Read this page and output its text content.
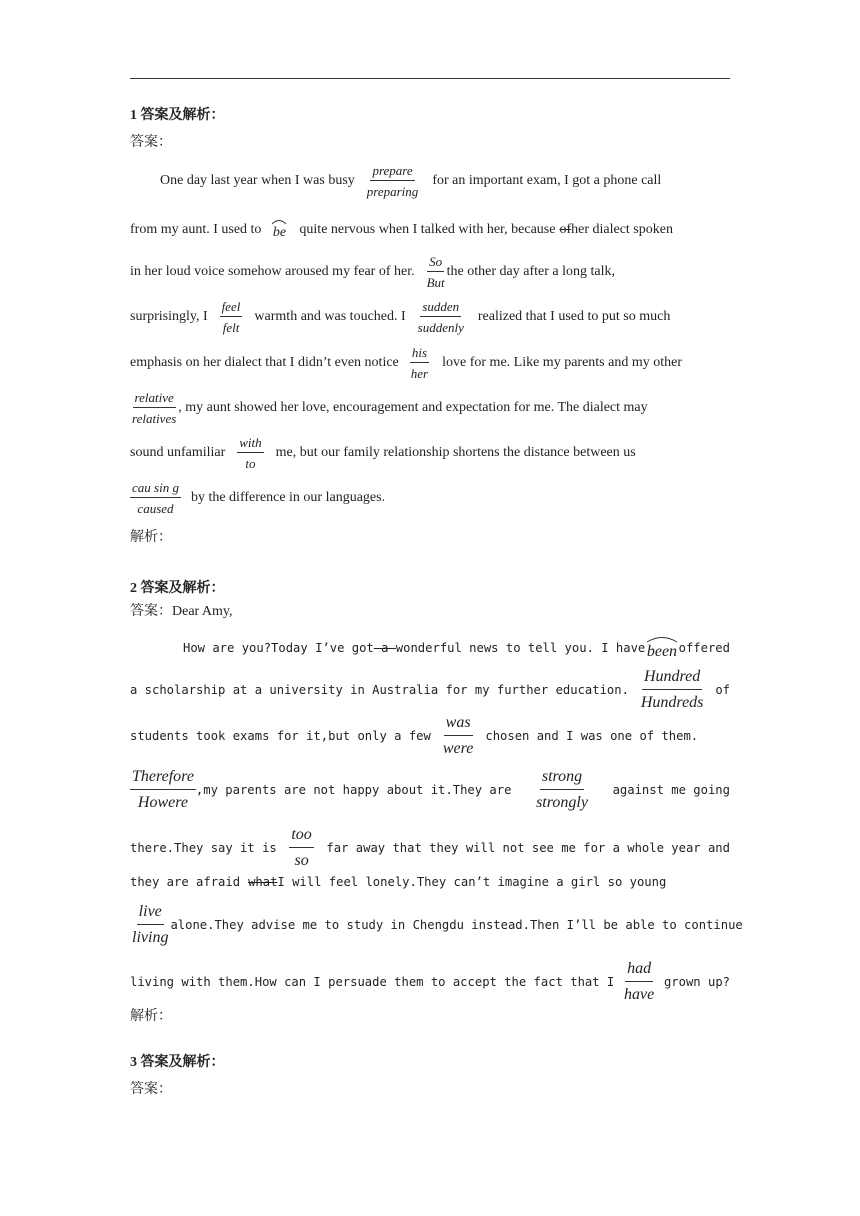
1 答案及解析：
答案：
One day last year when I was busy $\frac{\text{prepare}}{\text{preparing}}$ for an important exam, I got a phone call
from my aunt. I used to be quite nervous when I talked with her, because of her dialect spoken
in her loud voice somehow aroused my fear of her. $\frac{So}{\text{But}}$ the other day after a long talk,
surprisingly, I $\frac{\text{feel}}{\text{felt}}$ warmth and was touched. I $\frac{\text{sudden}}{\text{suddenly}}$ realized that I used to put so much
emphasis on her dialect that I didn’t even notice $\frac{\text{his}}{\text{her}}$ love for me. Like my parents and my other
$\frac{\text{relative}}{\text{relatives}}$ , my aunt showed her love, encouragement and expectation for me. The dialect may
sound unfamiliar $\frac{\text{with}}{to}$ me, but our family relationship shortens the distance between us
$\frac{\text{cau sin g}}{\text{caused}}$ by the difference in our languages.
解析：
2 答案及解析：
答案：Dear Amy,
How are you?Today I’ve got a wonderful news to tell you. I have been offered
a scholarship at a university in Australia for my further education. $\frac{\text{Hundred}}{\text{Hundreds}}$ of
students took exams for it,but only a few $\frac{\text{was}}{\text{were}}$ chosen and I was one of them.
$\frac{\text{Therefore}}{\text{Howere}} ,my$ parents are not happy about it.They are $\frac{\text{strong}}{\text{strongly}}$ against me going
there.They say it is $\frac{\text{too}}{so}$ far away that they will not see me for a whole year and
they are afraid what I will feel lonely.They can’t imagine a girl so young
$\frac{\text{live}}{\text{living}}$ alone.They advise me to study in Chengdu instead.Then I’ll be able to continue
living with them.How can I persuade them to accept the fact that I $\frac{\text{had}}{\text{have}}$ grown up?
解析：
3 答案及解析：
答案：
